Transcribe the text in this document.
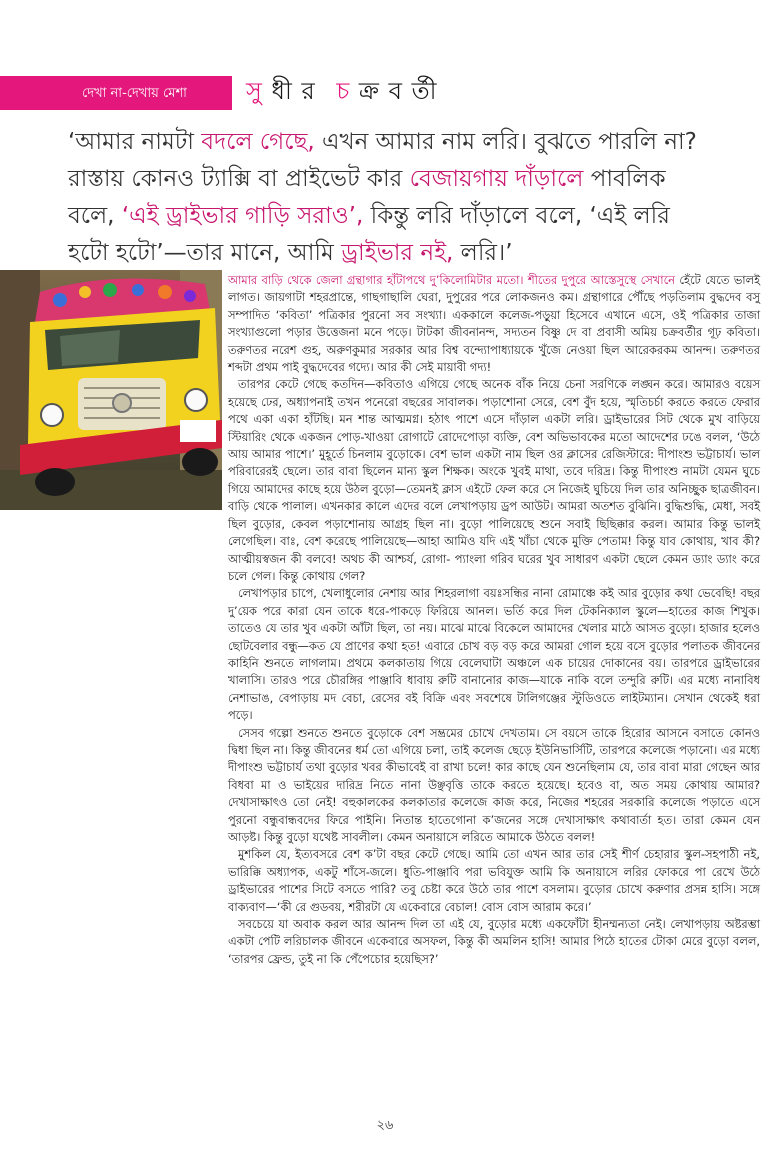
দেখা না-দেখায় মেশা	সু ধী র চ ক্র ব র্তী
‘আমার নামটা বদলে গেছে, এখন আমার নাম লরি। বুঝতে পারলি না? রাস্তায় কোনও ট্যাক্সি বা প্রাইভেট কার বেজায়গায় দাঁড়ালে পাবলিক বলে, ‘এই ড্রাইভার গাড়ি সরাও’, কিন্তু লরি দাঁড়ালে বলে, ‘এই লরি হটো হটো’—তার মানে, আমি ড্রাইভার নই, লরি।’

আমার বাড়ি থেকে জেলা গ্রন্থাগার হাঁটাপথে দু’কিলোমিটার মতো। শীতের দুপুরে আস্তেসুস্থে সেখানে হেঁটে যেতে ভালই লাগত। জায়গাটা শহরপ্রান্তে, গাছগাছালি ঘেরা, দুপুরের পরে লোকজনও কম। গ্রন্থাগারে পৌঁছে পড়তিলাম বুদ্ধদেব বসু সম্পাদিত ‘কবিতা’ পত্রিকার পুরনো সব সংখ্যা। এককালে কলেজ-পড়ুয়া হিসেবে এখানে এসে, ওই পত্রিকার তাজা সংখ্যাগুলো পড়ার উত্তেজনা মনে পড়ে। টাটকা জীবনানন্দ, সদ্যতন বিষ্ণু দে বা প্রবাসী অমিয় চক্রবর্তীর গূঢ় কবিতা। তরুণতর নরেশ গুহ, অরুণকুমার সরকার আর বিশ্ব বন্দ্যোপাধ্যায়কে খুঁজে নেওয়া ছিল আরেকরকম আনন্দ। তরুণতর শব্দটা প্রথম পাই বুদ্ধদেবের গদ্যে। আর কী সেই মায়াবী গদ্য!

তারপর কেটে গেছে কতদিন—কবিতাও এগিয়ে গেছে অনেক বাঁক নিয়ে চেনা সরণিকে লঙ্ঘন করে। আমারও বয়েস হয়েছে ঢের, অধ্যাপনাই তখন পনেরো বছরের সাবালক। পড়াশোনা সেরে, বেশ বুঁদ হয়ে, স্মৃতিচর্চা করতে করতে ফেরার পথে একা একা হাঁটছি। মন শান্ত আত্মমগ্ন। হঠাৎ পাশে এসে দাঁড়াল একটা লরি। ড্রাইভারের সিট থেকে মুখ বাড়িয়ে স্টিয়ারিং থেকে একজন পোড়-খাওয়া রোগাটে রোদেপোড়া ব্যক্তি, বেশ অভিভাবকের মতো আদেশের ঢঙে বলল, ‘উঠে আয় আমার পাশে।’ মুহূর্তে চিনলাম বুড়োকে। বেশ ভাল একটা নাম ছিল ওর ক্লাসের রেজিস্টারে: দীপাংশু ভট্টাচার্য। ভাল পরিবারেরই ছেলে। তার বাবা ছিলেন মান্য স্কুল শিক্ষক। অংকে খুবই মাথা, তবে দরিদ্র। কিন্তু দীপাংশু নামটা যেমন ঘুচে গিয়ে আমাদের কাছে হয়ে উঠল বুড়ো—তেমনই ক্লাস এইটে ফেল করে সে নিজেই ঘুচিয়ে দিল তার অনিচ্ছুক ছাত্রজীবন। বাড়ি থেকে পালাল। এখনকার কালে এদের বলে লেখাপড়ায় ড্রপ আউট। আমরা অতশত বুঝিনি। বুদ্ধিশুদ্ধি, মেধা, সবই ছিল বুড়োর, কেবল পড়াশোনায় আগ্রহ ছিল না। বুড়ো পালিয়েছে শুনে সবাই ছিছিক্কার করল। আমার কিন্তু ভালই লেগেছিল। বাঃ, বেশ করেছে পালিয়েছে—আহা আমিও যদি এই খাঁচা থেকে মুক্তি পেতাম! কিন্তু যাব কোথায়, খাব কী? আত্মীয়স্বজন কী বলবে! অথচ কী আশ্চর্য, রোগা- প্যাংলা গরিব ঘরের খুব সাধারণ একটা ছেলে কেমন ড্যাং ড্যাং করে চলে গেল। কিন্তু কোথায় গেল?

লেখাপড়ার চাপে, খেলাধুলোর নেশায় আর শিহরলাগা বয়ঃসন্ধির নানা রোমাঞ্চে কই আর বুড়োর কথা ভেবেছি! বছর দু’য়েক পরে কারা যেন তাকে ধরে-পাকড়ে ফিরিয়ে আনল। ভর্তি করে দিল টেকনিক্যাল স্কুলে—হাতের কাজ শিখুক। তাতেও যে তার খুব একটা আঁটা ছিল, তা নয়। মাঝে মাঝে বিকেলে আমাদের খেলার মাঠে আসত বুড়ো। হাজার হলেও ছোটবেলার বন্ধু—কত যে প্রাণের কথা হত! এবারে চোখ বড় বড় করে আমরা গোল হয়ে বসে বুড়োর পলাতক জীবনের কাহিনি শুনতে লাগলাম। প্রথমে কলকাতায় গিয়ে বেলেঘাটা অঞ্চলে এক চায়ের দোকানের বয়। তারপরে ড্রাইভারের খালাসি। তারও পরে চৌরঙ্গির পাঞ্জাবি ধাবায় রুটি বানানোর কাজ—যাকে নাকি বলে তন্দুরি রুটি। এর মধ্যে নানাবিধ নেশাভাঙ, বেপাড়ায় মদ বেচা, রেসের বই বিক্রি এবং সবশেষে টালিগঞ্জের স্টুডিওতে লাইটম্যান। সেখান থেকেই ধরা পড়ে।

সেসব গল্পো শুনতে শুনতে বুড়োকে বেশ সম্ভ্রমের চোখে দেখতাম। সে বয়সে তাকে হিরোর আসনে বসাতে কোনও দ্বিধা ছিল না। কিন্তু জীবনের ধর্ম তো এগিয়ে চলা, তাই কলেজ ছেড়ে ইউনিভার্সিটি, তারপরে কলেজে পড়ানো। এর মধ্যে দীপাংশু ভট্টাচার্য তথা বুড়োর খবর কীভাবেই বা রাখা চলে! কার কাছে যেন শুনেছিলাম যে, তার বাবা মারা গেছেন আর বিধবা মা ও ভাইয়ের দারিদ্র নিতে নানা উঞ্ছবৃত্তি তাকে করতে হয়েছে। হবেও বা, অত সময় কোথায় আমার? দেখাসাক্ষাৎও তো নেই! বহুকালকের কলকাতার কলেজে কাজ করে, নিজের শহরের সরকারি কলেজে পড়াতে এসে পুরনো বন্ধুবান্ধবদের ফিরে পাইনি। নিতান্ত হাতেগোনা ক’জনের সঙ্গে দেখাসাক্ষাৎ কথাবার্তা হত। তারা কেমন যেন আড়ষ্ট। কিন্তু বুড়ো যথেষ্ট সাবলীল। কেমন অনায়াসে লরিতে আমাকে উঠতে বলল!

মুশকিল যে, ইত্যবসরে বেশ ক’টা বছর কেটে গেছে। আমি তো এখন আর তার সেই শীর্ণ চেহারার স্কুল-সহপাঠী নই, ভারিক্কি অধ্যাপক, একটু শাঁসে-জলে। ধুতি-পাঞ্জাবি পরা ভবিযুক্ত আমি কি অনায়াসে লরির ফোকরে পা রেখে উঠে ড্রাইভারের পাশের সিটে বসতে পারি? তবু চেষ্টা করে উঠে তার পাশে বসলাম। বুড়োর চোখে করুণার প্রসন্ন হাসি। সঙ্গে বাক্যবাণ—‘কী রে গুডবয়, শরীরটা যে একেবারে বেচাল! বোস বোস আরাম করে।’

সবচেয়ে যা অবাক করল আর আনন্দ দিল তা এই যে, বুড়োর মধ্যে একফোঁটা হীনম্মন্যতা নেই। লেখাপড়ায় অষ্টরম্ভা একটা পেটি লরিচালক জীবনে একেবারে অসফল, কিন্তু কী অমলিন হাসি! আমার পিঠে হাতের টোকা মেরে বুড়ো বলল, ‘তারপর ফ্রেন্ড, তুই না কি পেঁপেচোর হয়েছিস?’

২৬
